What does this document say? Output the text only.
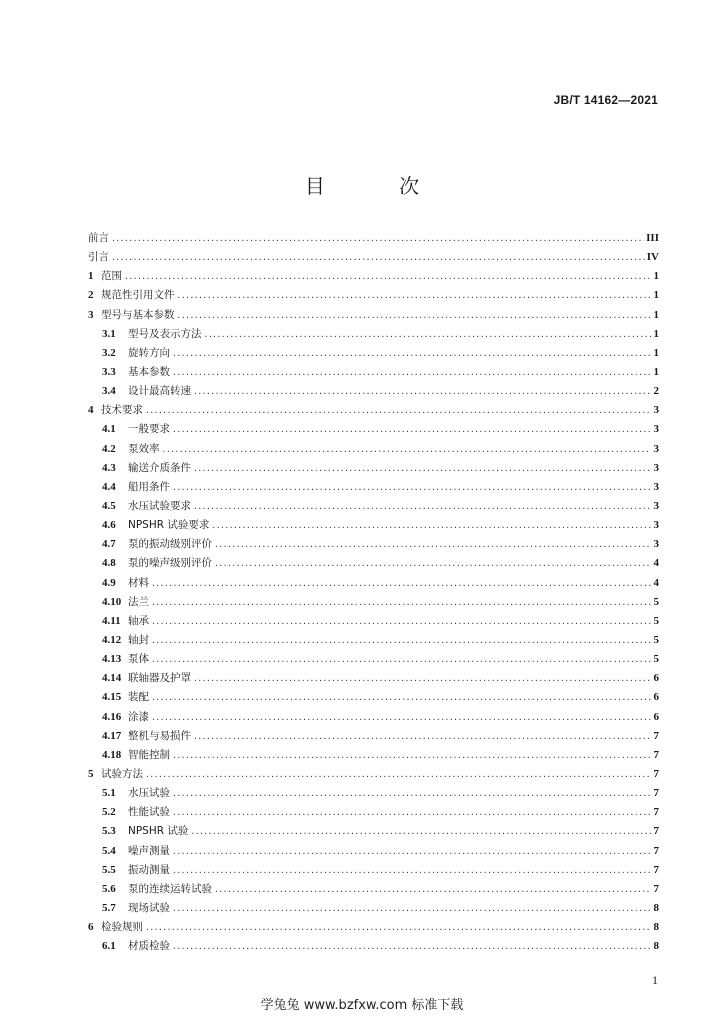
JB/T 14162—2021
目 次
前言 .....	III
引言 .....	IV
1 范围 .....	1
2 规范性引用文件 .....	1
3 型号与基本参数 .....	1
3.1	型号及表示方法 .....	1
3.2	旋转方向 .....	1
3.3	基本参数 .....	1
3.4	设计最高转速 .....	2
4 技术要求 .....	3
4.1	一般要求 .....	3
4.2	泵效率 .....	3
4.3	输送介质条件 .....	3
4.4	船用条件 .....	3
4.5	水压试验要求 .....	3
4.6	NPSHR 试验要求 .....	3
4.7	泵的振动级别评价 .....	3
4.8	泵的噪声级别评价 .....	4
4.9	材料 .....	4
4.10 法兰 .....	5
4.11 轴承 .....	5
4.12 轴封 .....	5
4.13 泵体 .....	5
4.14 联轴器及护罩 .....	6
4.15 装配 .....	6
4.16 涂漆 .....	6
4.17 整机与易损件 .....	7
4.18 智能控制 .....	7
5 试验方法 .....	7
5.1	水压试验 .....	7
5.2	性能试验 .....	7
5.3	NPSHR 试验 .....	7
5.4	噪声测量 .....	7
5.5	振动测量 .....	7
5.6	泵的连续运转试验 .....	7
5.7	现场试验 .....	8
6 检验规则 .....	8
6.1	材质检验 .....	8
1
学兔兔 www.bzfxw.com 标准下载
